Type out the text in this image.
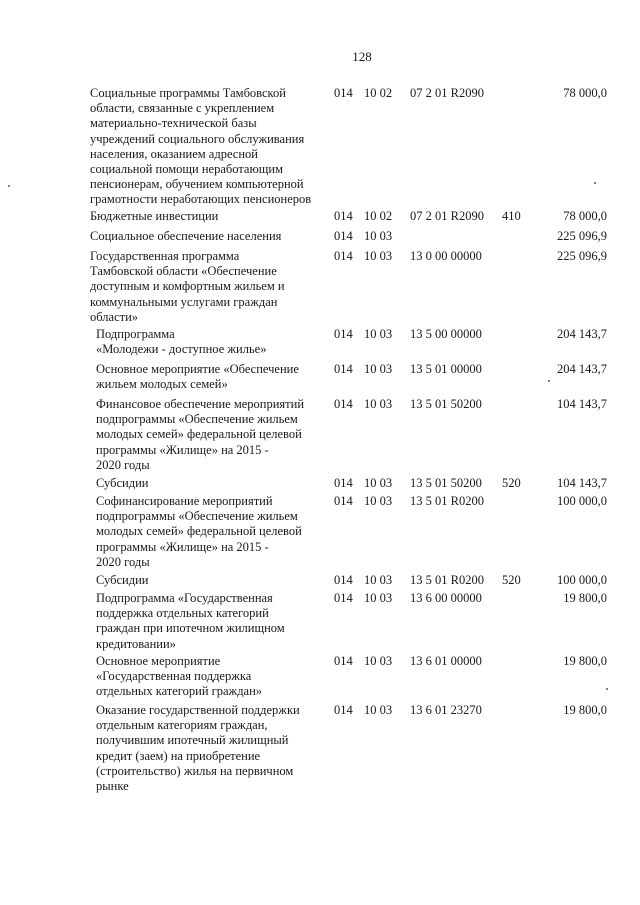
128
Социальные программы Тамбовской
области, связанные с укреплением
материально-технической базы
учреждений социального обслуживания
населения, оказанием адресной
социальной помощи неработающим
пенсионерам, обучением компьютерной
грамотности неработающих пенсионеров
014 10 02 07 2 01 R2090	78 000,0
Бюджетные инвестиции	014 10 02 07 2 01 R2090 410	78 000,0
Социальное обеспечение населения	014 10 03	225 096,9
Государственная программа
Тамбовской области «Обеспечение
доступным и комфортным жильем и
коммунальными услугами граждан
области»
014 10 03 13 0 00 00000	225 096,9
Подпрограмма
«Молодежи - доступное жилье»
014 10 03 13 5 00 00000	204 143,7
Основное мероприятие «Обеспечение
жильем молодых семей»
014 10 03 13 5 01 00000	204 143,7
Финансовое обеспечение мероприятий
подпрограммы «Обеспечение жильем
молодых семей» федеральной целевой
программы «Жилище» на 2015 -
2020 годы
014 10 03 13 5 01 50200	104 143,7
Субсидии	014 10 03 13 5 01 50200 520	104 143,7
Софинансирование мероприятий
подпрограммы «Обеспечение жильем
молодых семей» федеральной целевой
программы «Жилище» на 2015 -
2020 годы
014 10 03 13 5 01 R0200	100 000,0
Субсидии	014 10 03 13 5 01 R0200 520	100 000,0
Подпрограмма «Государственная
поддержка отдельных категорий
граждан при ипотечном жилищном
кредитовании»
014 10 03 13 6 00 00000	19 800,0
Основное мероприятие
«Государственная поддержка
отдельных категорий граждан»
014 10 03 13 6 01 00000	19 800,0
Оказание государственной поддержки
отдельным категориям граждан,
получившим ипотечный жилищный
кредит (заем) на приобретение
(строительство) жилья на первичном
рынке
014 10 03 13 6 01 23270	19 800,0
